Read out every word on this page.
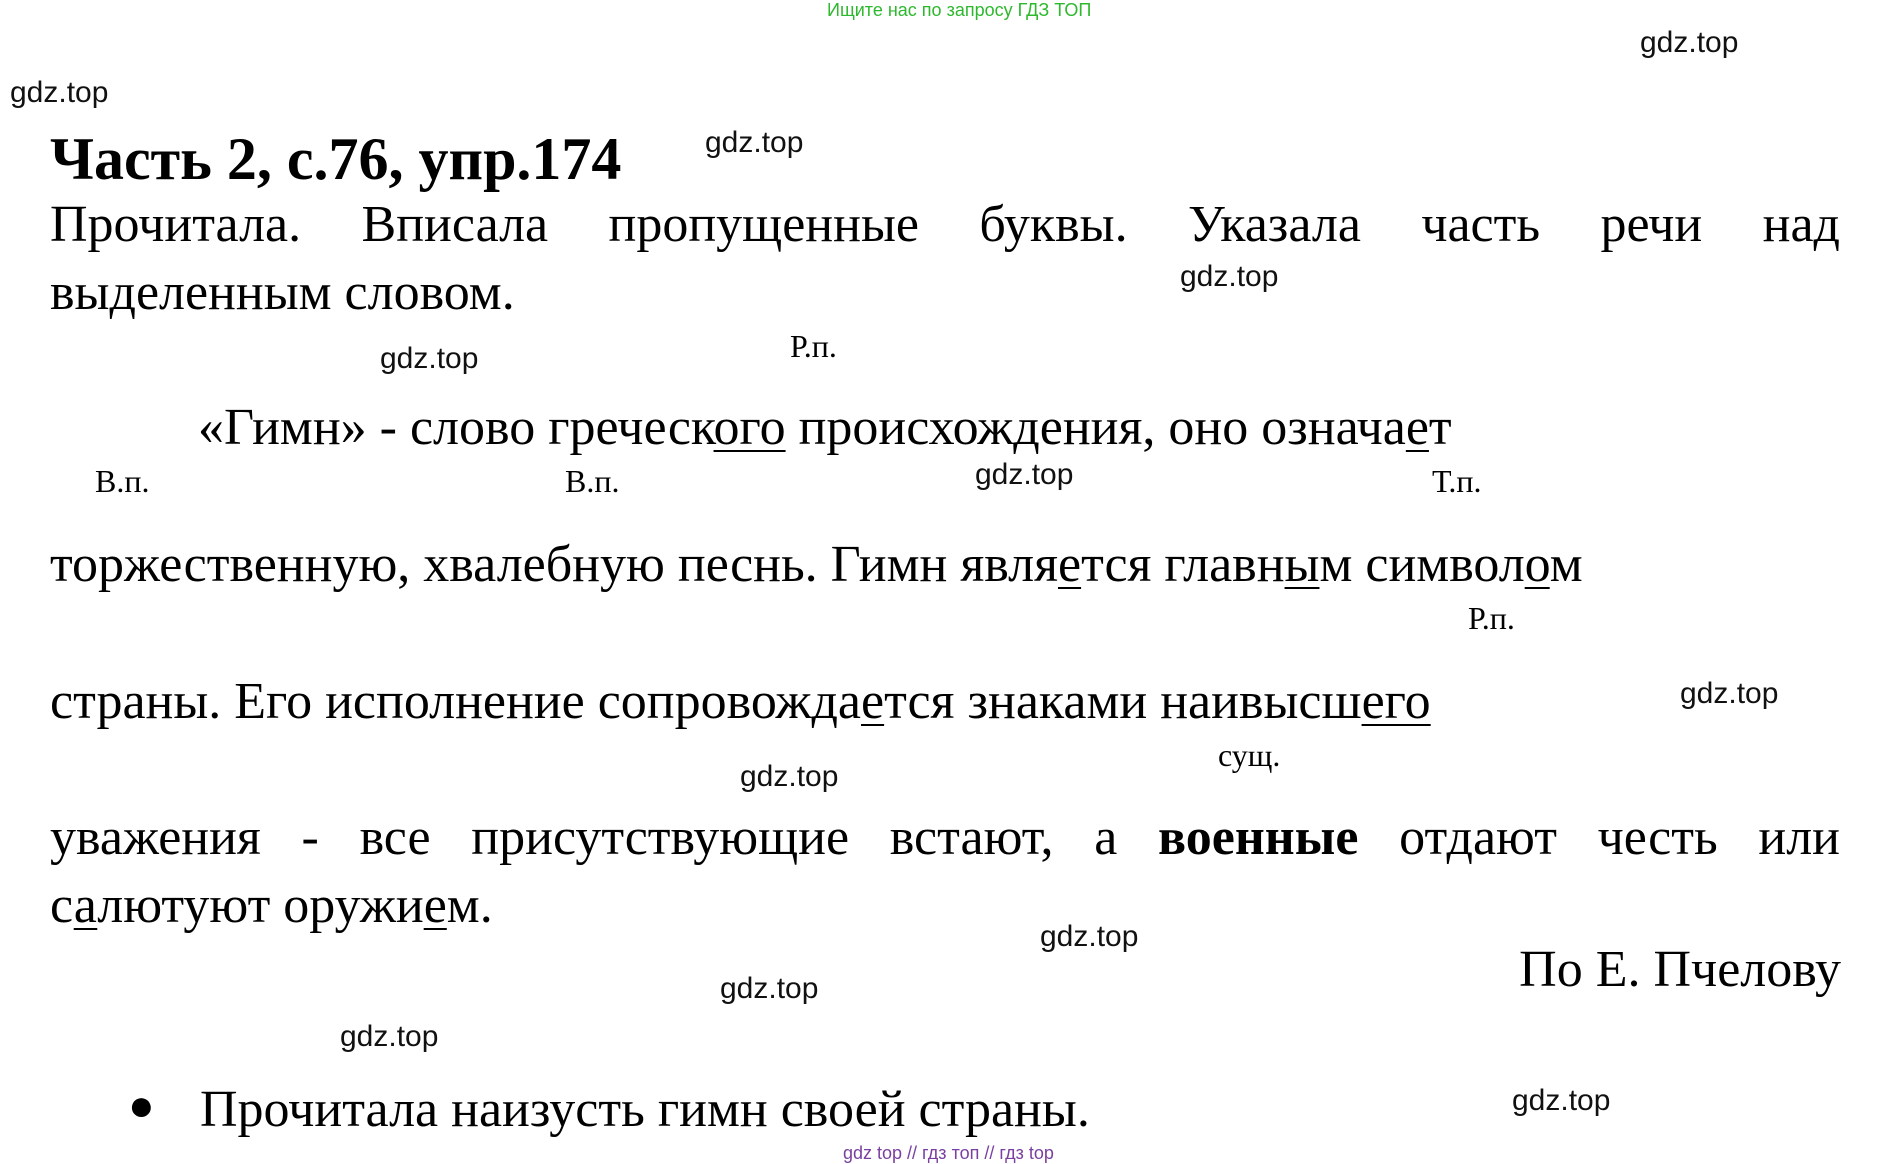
Ищите нас по запросу ГДЗ ТОП
gdz top // гдз топ // гдз top
gdz.top
gdz.top
gdz.top
gdz.top
gdz.top
gdz.top
gdz.top
gdz.top
gdz.top
gdz.top
gdz.top
gdz.top
Часть 2, с.76, упр.174
Прочитала. Вписала пропущенные буквы. Указала часть речи над
выделенным словом.
Р.п.
В.п.	В.п.	Т.п.
Р.п.
сущ.
«Гимн» - слово греческого происхождения, оно означает
торжественную, хвалебную песнь. Гимн является главным символом
страны. Его исполнение сопровождается знаками наивысшего
уважения - все присутствующие встают, а военные отдают честь или
салютуют оружием.
По Е. Пчелову
● Прочитала наизусть гимн своей страны.
